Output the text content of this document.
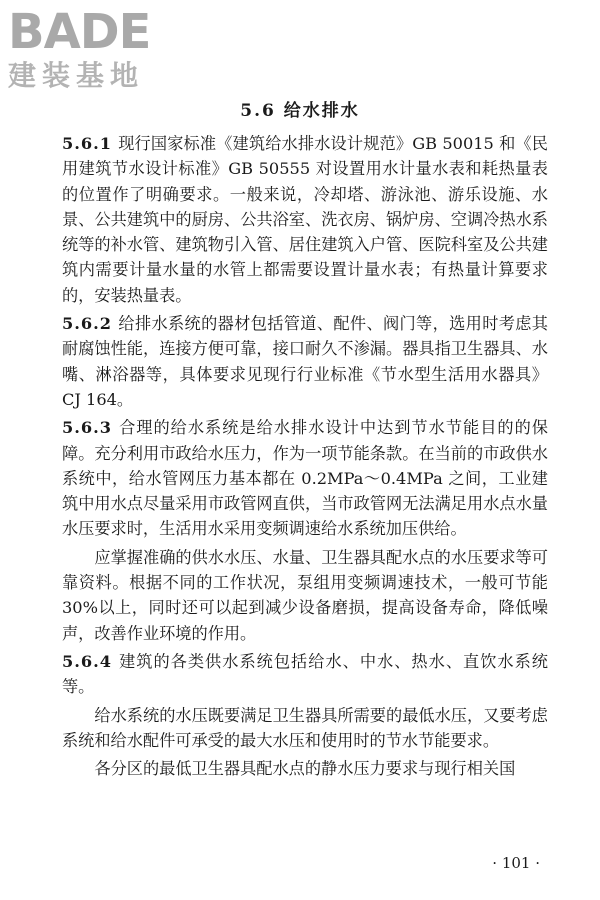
BADE
建装基地
5.6 给水排水

5.6.1 现行国家标准《建筑给水排水设计规范》GB 50015 和《民用建筑节水设计标准》GB 50555 对设置用水计量水表和耗热量表的位置作了明确要求。一般来说，冷却塔、游泳池、游乐设施、水景、公共建筑中的厨房、公共浴室、洗衣房、锅炉房、空调冷热水系统等的补水管、建筑物引入管、居住建筑入户管、医院科室及公共建筑内需要计量水量的水管上都需要设置计量水表；有热量计算要求的，安装热量表。

5.6.2 给排水系统的器材包括管道、配件、阀门等，选用时考虑其耐腐蚀性能，连接方便可靠，接口耐久不渗漏。器具指卫生器具、水嘴、淋浴器等，具体要求见现行行业标准《节水型生活用水器具》CJ 164。

5.6.3 合理的给水系统是给水排水设计中达到节水节能目的的保障。充分利用市政给水压力，作为一项节能条款。在当前的市政供水系统中，给水管网压力基本都在 0.2MPa～0.4MPa 之间，工业建筑中用水点尽量采用市政管网直供，当市政管网无法满足用水点水量水压要求时，生活用水采用变频调速给水系统加压供给。

应掌握准确的供水水压、水量、卫生器具配水点的水压要求等可靠资料。根据不同的工作状况，泵组用变频调速技术，一般可节能 30%以上，同时还可以起到减少设备磨损，提高设备寿命，降低噪声，改善作业环境的作用。

5.6.4 建筑的各类供水系统包括给水、中水、热水、直饮水系统等。

给水系统的水压既要满足卫生器具所需要的最低水压，又要考虑系统和给水配件可承受的最大水压和使用时的节水节能要求。

各分区的最低卫生器具配水点的静水压力要求与现行相关国

· 101 ·
